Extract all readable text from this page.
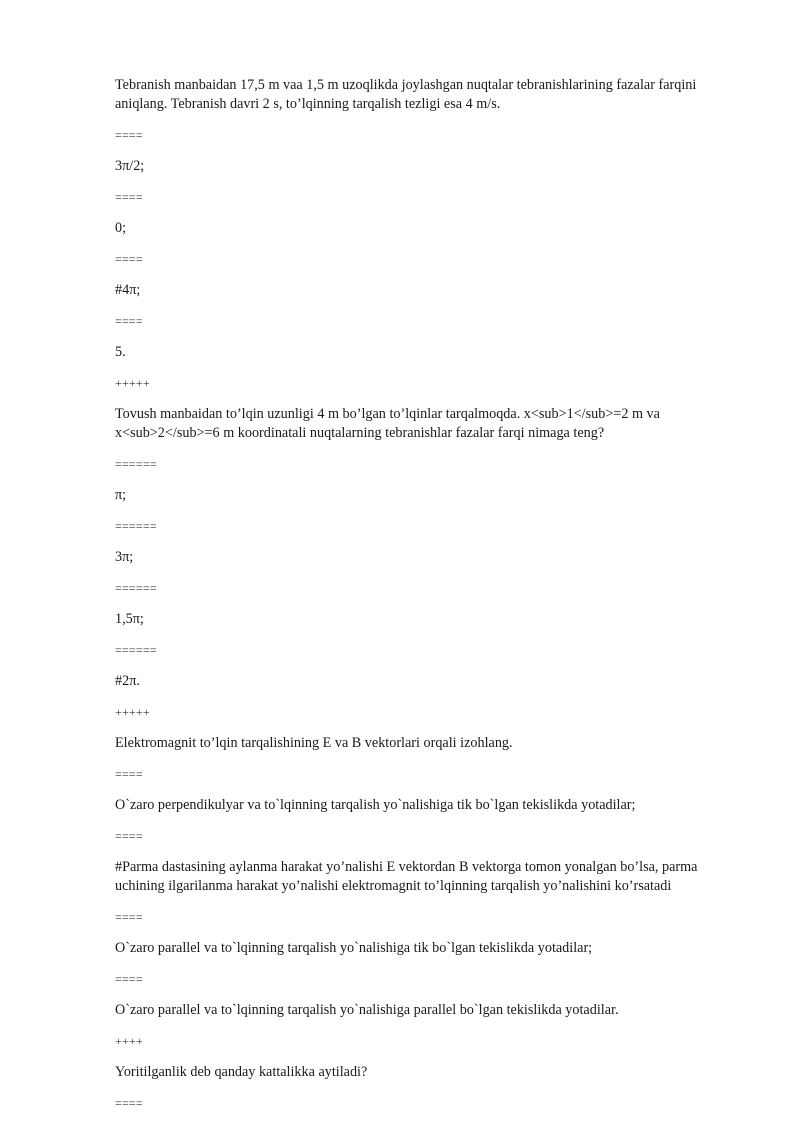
Tebranish manbaidan 17,5 m vaa 1,5 m uzoqlikda joylashgan nuqtalar tebranishlarining fazalar farqini aniqlang. Tebranish davri 2 s, to’lqinning tarqalish tezligi esa 4 m/s.

====

3π/2;

====

0;

====

#4π;

====

5.

+++++

Tovush manbaidan to’lqin uzunligi 4 m bo’lgan to’lqinlar tarqalmoqda. x<sub>1</sub>=2 m va x<sub>2</sub>=6 m koordinatali nuqtalarning tebranishlar fazalar farqi nimaga teng?

======

π;

======

3π;

======

1,5π;

======

#2π.

+++++

Elektromagnit to’lqin tarqalishining E va B vektorlari orqali izohlang.

====

O`zaro perpendikulyar va to`lqinning tarqalish yo`nalishiga tik bo`lgan tekislikda yotadilar;

====

#Parma dastasining aylanma harakat yo’nalishi E vektordan B vektorga tomon yonalgan bo’lsa, parma uchining ilgarilanma harakat yo’nalishi elektromagnit to’lqinning tarqalish yo’nalishini ko’rsatadi

====

O`zaro parallel va to`lqinning tarqalish yo`nalishiga tik bo`lgan tekislikda yotadilar;

====

O`zaro parallel va to`lqinning tarqalish yo`nalishiga parallel bo`lgan tekislikda yotadilar.

++++

Yoritilganlik deb qanday kattalikka aytiladi?

====
